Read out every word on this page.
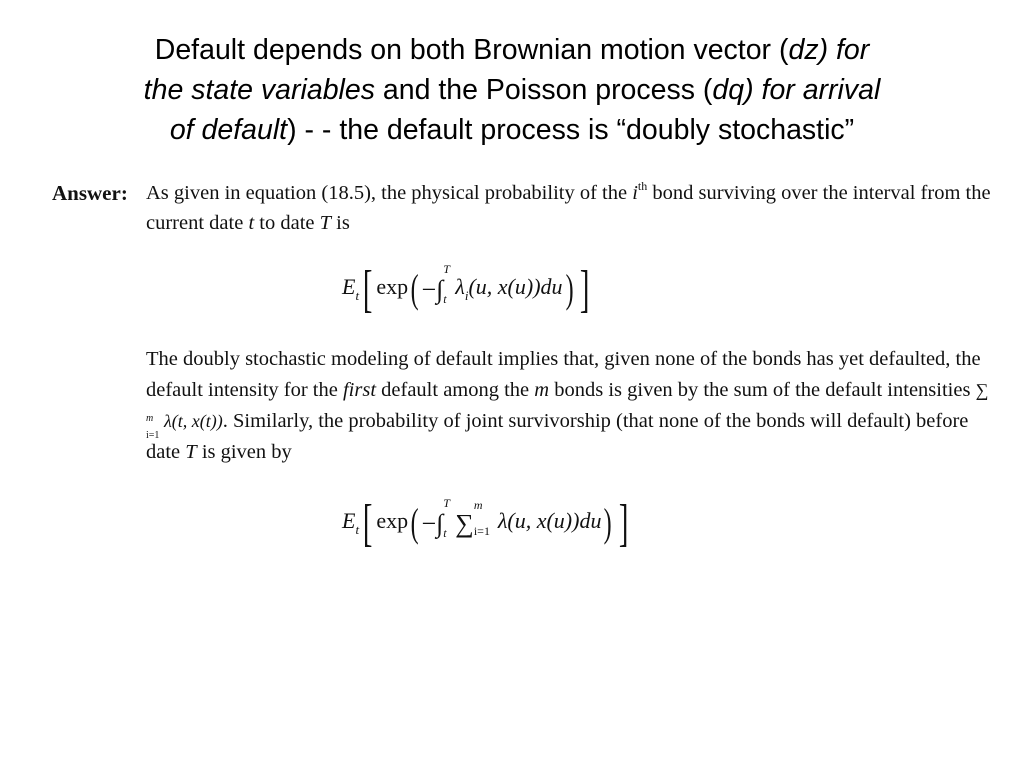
Default depends on both Brownian motion vector (dz) for
the state variables and the Poisson process (dq) for arrival
of default) - - the default process is “doubly stochastic”
Answer: As given in equation (18.5), the physical probability of the $i^{th}$ bond surviving over the interval from the current date t to date T is

$E_t$[ exp( −∫
T
t $\lambda_i(u$, x(u))du) ]

The doubly stochastic modeling of default implies that, given none of the bonds has yet defaulted, the default intensity for the first default among the m bonds is given by the sum of the default intensities ∑
m
i=1
λ(t, x(t)). Similarly, the probability of joint survivorship (that none of the bonds will default) before date T is given by

$E_t$[ exp( −∫
T
t ∑
m
i=1 λ(u, x(u))du) ]
